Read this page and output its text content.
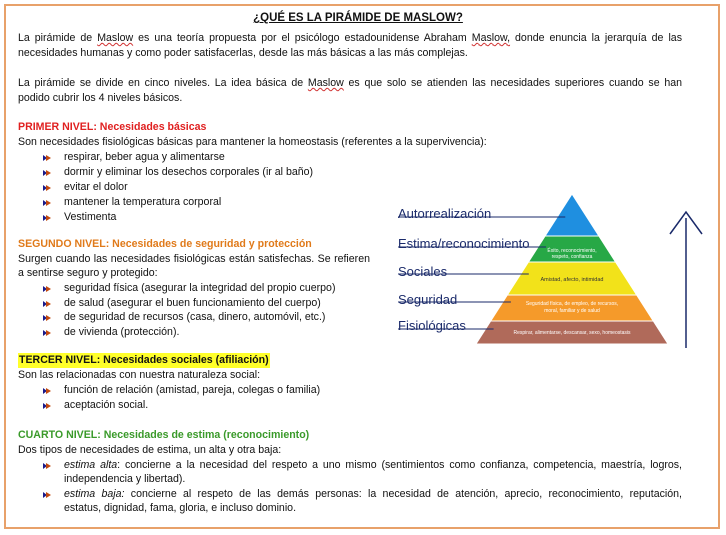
¿QUÉ ES LA PIRÁMIDE DE MASLOW?
La pirámide de Maslow es una teoría propuesta por el psicólogo estadounidense Abraham Maslow, donde enuncia la jerarquía de las
necesidades humanas y como poder satisfacerlas, desde las más básicas a las más complejas.
La pirámide se divide en cinco niveles. La idea básica de Maslow es que solo se atienden las necesidades superiores cuando se han
podido cubrir los 4 niveles básicos.
PRIMER NIVEL: Necesidades básicas
Son necesidades fisiológicas básicas para mantener la homeostasis (referentes a la supervivencia):
respirar, beber agua y alimentarse
dormir y eliminar los desechos corporales (ir al baño)
evitar el dolor
mantener la temperatura corporal
Vestimenta
SEGUNDO NIVEL: Necesidades de seguridad y protección
Surgen cuando las necesidades fisiológicas están satisfechas. Se refieren
a sentirse seguro y protegido:
seguridad física (asegurar la integridad del propio cuerpo)
de salud (asegurar el buen funcionamiento del cuerpo)
de seguridad de recursos (casa, dinero, automóvil, etc.)
de vivienda (protección).
TERCER NIVEL: Necesidades sociales (afiliación)
Son las relacionadas con nuestra naturaleza social:
función de relación (amistad, pareja, colegas o familia)
aceptación social.
CUARTO NIVEL: Necesidades de estima (reconocimiento)
Dos tipos de necesidades de estima, un alta y otra baja:
estima alta: concierne a la necesidad del respeto a uno mismo (sentimientos como confianza, competencia, maestría, logros,
independencia y libertad).
estima baja: concierne al respeto de las demás personas: la necesidad de atención, aprecio, reconocimiento, reputación,
estatus, dignidad, fama, gloria, e incluso dominio.
Éxito, reconocimiento, respeto, confianza
Amistad, afecto, intimidad
Seguridad física, de empleo, de recursos,
moral, familiar y de salud
Respirar, alimentarse, descansar, sexo, homeostasis
Autorrealización
Estima/reconocimiento
Sociales
Seguridad
Fisiológicas
